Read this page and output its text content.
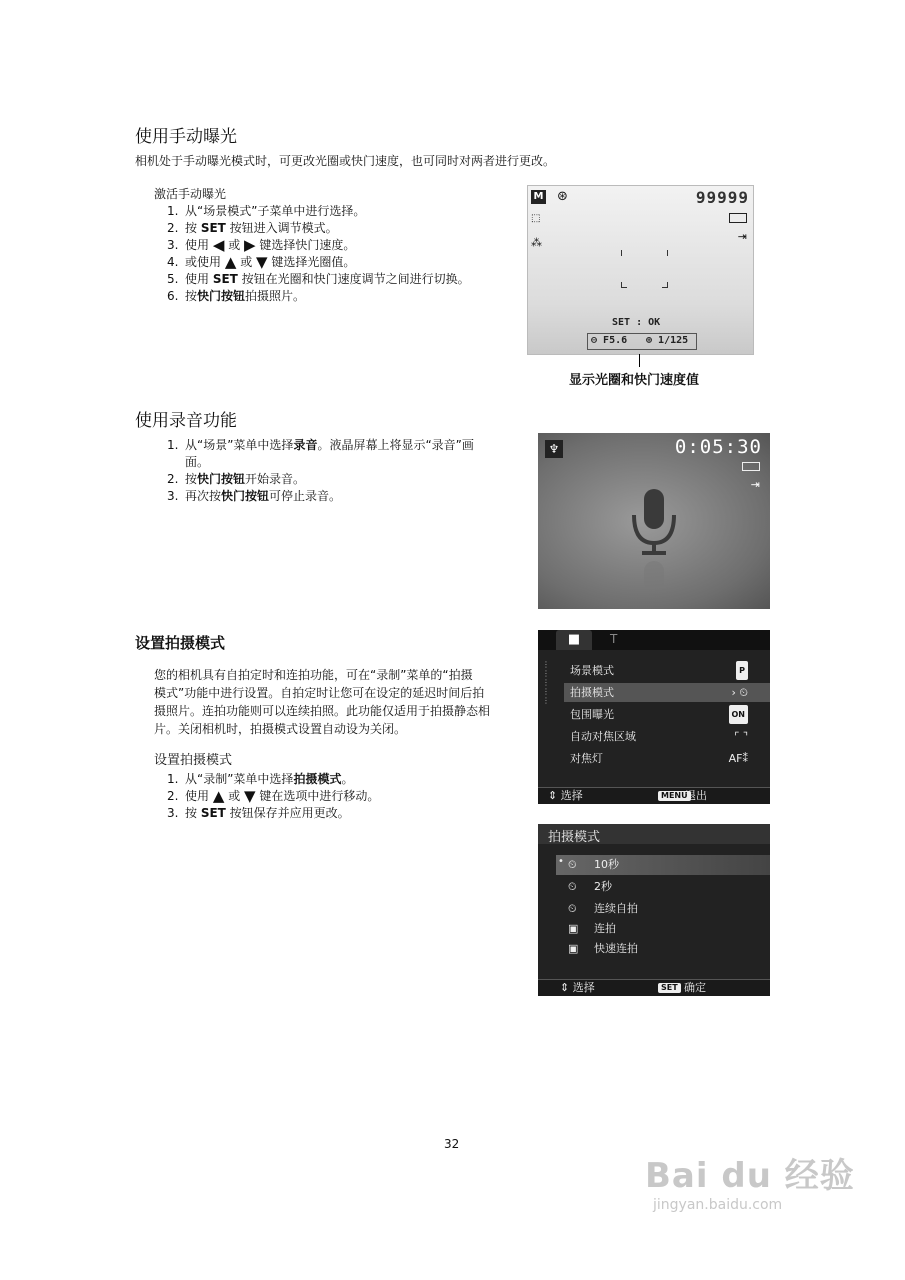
使用手动曝光
相机处于手动曝光模式时，可更改光圈或快门速度，也可同时对两者进行更改。
激活手动曝光
1. 从“场景模式”子菜单中进行选择。
2. 按 SET 按钮进入调节模式。
3. 使用 ◀ 或 ▶ 键选择快门速度。
4. 或使用 ▲ 或 ▼ 键选择光圈值。
5. 使用 SET 按钮在光圈和快门速度调节之间进行切换。
6. 按快门按钮拍摄照片。
M ⊛	99999
⬚
⁂	⇥
SET : OK
⊖ F5.6 ⊕ 1/125
显示光圈和快门速度值
使用录音功能
1. 从“场景”菜单中选择录音。液晶屏幕上将显示“录音”画
面。
2. 按快门按钮开始录音。
3. 再次按快门按钮可停止录音。
♆	0:05:30
⇥
设置拍摄模式
您的相机具有自拍定时和连拍功能，可在“录制”菜单的“拍摄
模式”功能中进行设置。自拍定时让您可在设定的延迟时间后拍
摄照片。连拍功能则可以连续拍照。此功能仅适用于拍摄静态相
片。关闭相机时，拍摄模式设置自动设为关闭。
设置拍摄模式
1. 从“录制”菜单中选择拍摄模式。
2. 使用 ▲ 或 ▼ 键在选项中进行移动。
3. 按 SET 按钮保存并应用更改。
■	T
⋮
⋮
⋮
⋮
⋮
场景模式	P
拍摄模式	› ⏲
包围曝光	ON
自动对焦区域	⌜ ⌝
对焦灯	AF⁑
⇕ 选择	MENU
退出
拍摄模式
• ⏲ 10秒
⏲ 2秒
⏲ 连续自拍
▣ 连拍
▣ 快速连拍
⇕ 选择	SET 确定
32
Bai du 经验
jingyan.baidu.com
